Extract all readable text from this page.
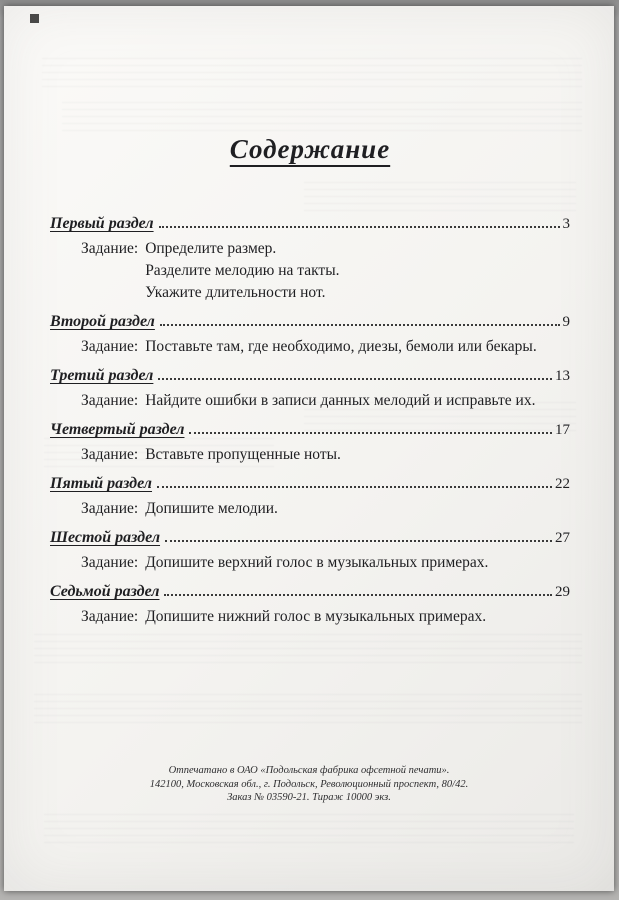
Содержание
Первый раздел	3
Задание: Определите размер.
Разделите мелодию на такты.
Укажите длительности нот.
Второй раздел	9
Задание: Поставьте там, где необходимо, диезы, бемоли или бекары.
Третий раздел	13
Задание: Найдите ошибки в записи данных мелодий и исправьте их.
Четвертый раздел	17
Задание: Вставьте пропущенные ноты.
Пятый раздел	22
Задание: Допишите мелодии.
Шестой раздел	27
Задание: Допишите верхний голос в музыкальных примерах.
Седьмой раздел	29
Задание: Допишите нижний голос в музыкальных примерах.
Отпечатано в ОАО «Подольская фабрика офсетной печати».
142100, Московская обл., г. Подольск, Революционный проспект, 80/42.
Заказ № 03590-21. Тираж 10000 экз.
